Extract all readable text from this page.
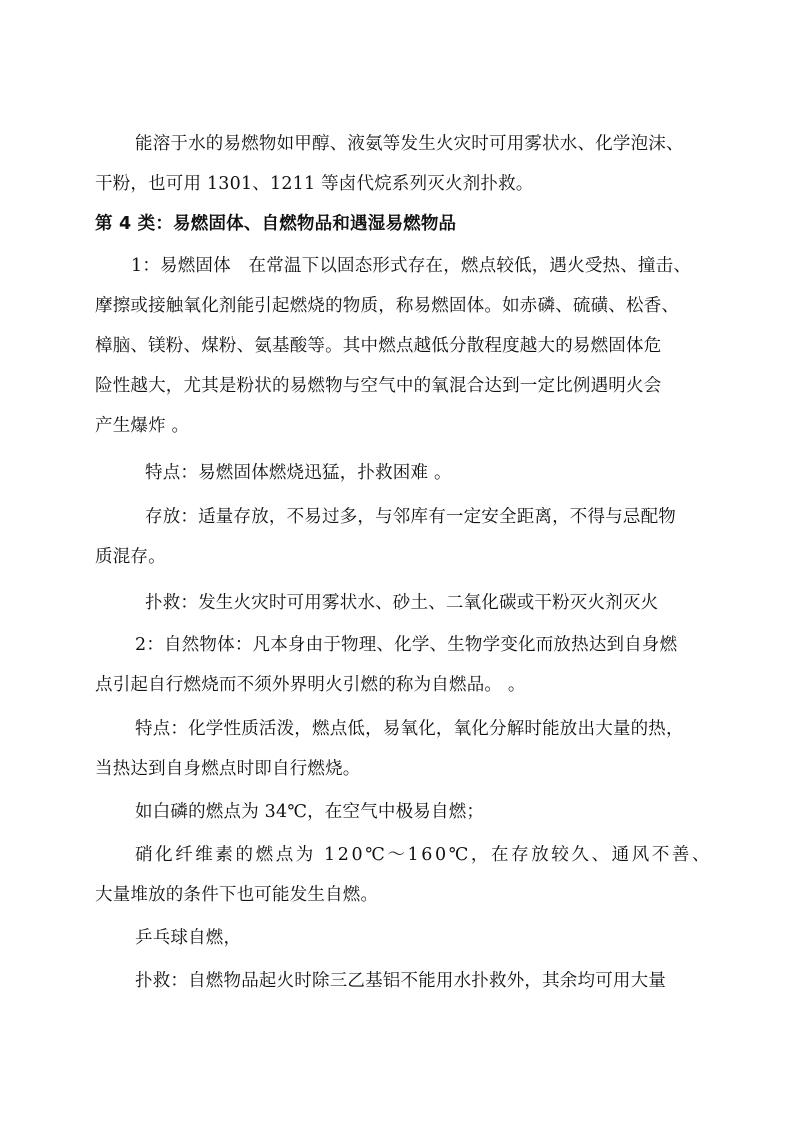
能溶于水的易燃物如甲醇、液氨等发生火灾时可用雾状水、化学泡沫、
干粉，也可用 1301、1211 等卤代烷系列灭火剂扑救。
第 4 类：易燃固体、自燃物品和遇湿易燃物品
1：易燃固体　在常温下以固态形式存在，燃点较低，遇火受热、撞击、
摩擦或接触氧化剂能引起燃烧的物质，称易燃固体。如赤磷、硫磺、松香、
樟脑、镁粉、煤粉、氨基酸等。其中燃点越低分散程度越大的易燃固体危
险性越大，尤其是粉状的易燃物与空气中的氧混合达到一定比例遇明火会
产生爆炸 。
特点：易燃固体燃烧迅猛，扑救困难 。
存放：适量存放，不易过多，与邻库有一定安全距离，不得与忌配物
质混存。
扑救：发生火灾时可用雾状水、砂土、二氧化碳或干粉灭火剂灭火
2：自然物体：凡本身由于物理、化学、生物学变化而放热达到自身燃
点引起自行燃烧而不须外界明火引燃的称为自燃品。 。
特点：化学性质活泼，燃点低，易氧化，氧化分解时能放出大量的热，
当热达到自身燃点时即自行燃烧。
如白磷的燃点为 34℃，在空气中极易自燃；
硝化纤维素的燃点为 120℃～160℃，在存放较久、通风不善、
大量堆放的条件下也可能发生自燃。
乒乓球自燃，
扑救：自燃物品起火时除三乙基铝不能用水扑救外，其余均可用大量
